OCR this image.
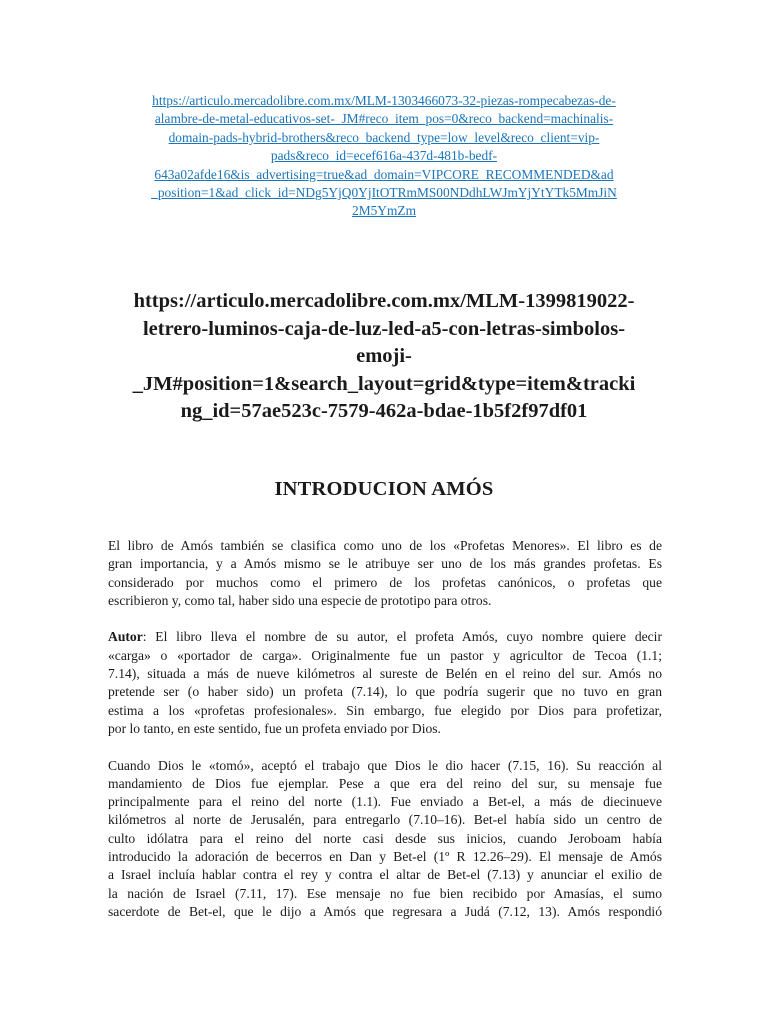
https://articulo.mercadolibre.com.mx/MLM-1303466073-32-piezas-rompecabezas-de-
alambre-de-metal-educativos-set-_JM#reco_item_pos=0&reco_backend=machinalis-
domain-pads-hybrid-brothers&reco_backend_type=low_level&reco_client=vip-
pads&reco_id=ecef616a-437d-481b-bedf-
643a02afde16&is_advertising=true&ad_domain=VIPCORE_RECOMMENDED&ad
_position=1&ad_click_id=NDg5YjQ0YjItOTRmMS00NDdhLWJmYjYtYTk5MmJiN
2M5YmZm
https://articulo.mercadolibre.com.mx/MLM-1399819022-
letrero-luminos-caja-de-luz-led-a5-con-letras-simbolos-
emoji-
_JM#position=1&search_layout=grid&type=item&tracki
ng_id=57ae523c-7579-462a-bdae-1b5f2f97df01
INTRODUCION AMÓS
El libro de Amós también se clasifica como uno de los «Profetas Menores». El libro es de
gran importancia, y a Amós mismo se le atribuye ser uno de los más grandes profetas. Es
considerado por muchos como el primero de los profetas canónicos, o profetas que
escribieron y, como tal, haber sido una especie de prototipo para otros.
Autor: El libro lleva el nombre de su autor, el profeta Amós, cuyo nombre quiere decir
«carga» o «portador de carga». Originalmente fue un pastor y agricultor de Tecoa (1.1;
7.14), situada a más de nueve kilómetros al sureste de Belén en el reino del sur. Amós no
pretende ser (o haber sido) un profeta (7.14), lo que podría sugerir que no tuvo en gran
estima a los «profetas profesionales». Sin embargo, fue elegido por Dios para profetizar,
por lo tanto, en este sentido, fue un profeta enviado por Dios.
Cuando Dios le «tomó», aceptó el trabajo que Dios le dio hacer (7.15, 16). Su reacción al
mandamiento de Dios fue ejemplar. Pese a que era del reino del sur, su mensaje fue
principalmente para el reino del norte (1.1). Fue enviado a Bet-el, a más de diecinueve
kilómetros al norte de Jerusalén, para entregarlo (7.10–16). Bet-el había sido un centro de
culto idólatra para el reino del norte casi desde sus inicios, cuando Jeroboam había
introducido la adoración de becerros en Dan y Bet-el (1º R 12.26–29). El mensaje de Amós
a Israel incluía hablar contra el rey y contra el altar de Bet-el (7.13) y anunciar el exilio de
la nación de Israel (7.11, 17). Ese mensaje no fue bien recibido por Amasías, el sumo
sacerdote de Bet-el, que le dijo a Amós que regresara a Judá (7.12, 13). Amós respondió
